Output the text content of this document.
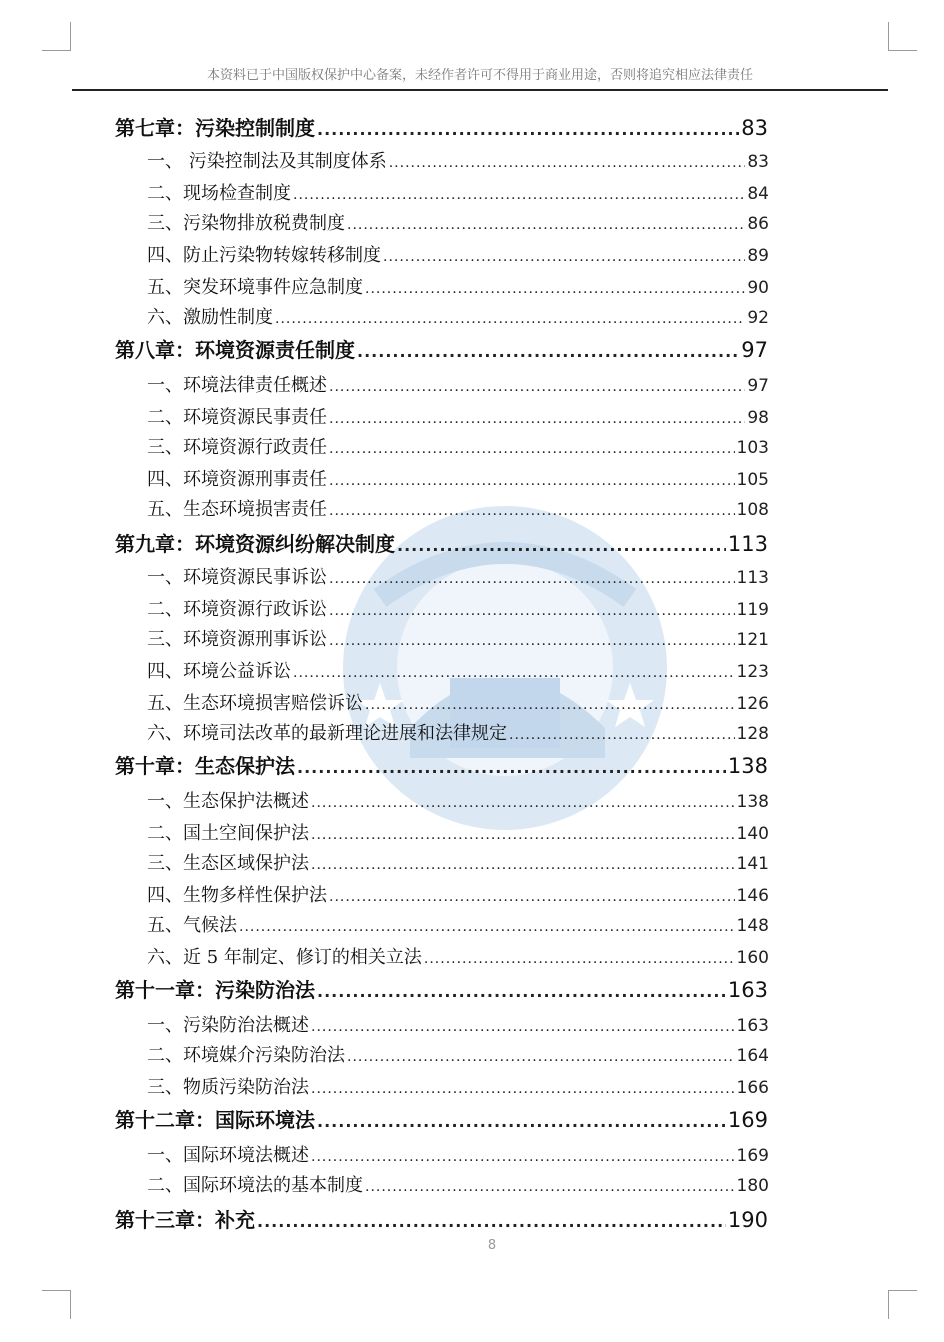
本资料已于中国版权保护中心备案，未经作者许可不得用于商业用途，否则将追究相应法律责任
第七章：污染控制制度 .....	83
一、 污染控制法及其制度体系 .....	83
二、现场检查制度 .....	84
三、污染物排放税费制度 .....	86
四、防止污染物转嫁转移制度 .....	89
五、突发环境事件应急制度 .....	90
六、激励性制度 .....	92
第八章：环境资源责任制度 .....	97
一、环境法律责任概述 .....	97
二、环境资源民事责任 .....	98
三、环境资源行政责任 .....	103
四、环境资源刑事责任 .....	105
五、生态环境损害责任 .....	108
第九章：环境资源纠纷解决制度 .....	113
一、环境资源民事诉讼 .....	113
二、环境资源行政诉讼 .....	119
三、环境资源刑事诉讼 .....	121
四、环境公益诉讼 .....	123
五、生态环境损害赔偿诉讼 .....	126
六、环境司法改革的最新理论进展和法律规定 .....	128
第十章：生态保护法 .....	138
一、生态保护法概述 .....	138
二、国土空间保护法 .....	140
三、生态区域保护法 .....	141
四、生物多样性保护法 .....	146
五、气候法 .....	148
六、近 5 年制定、修订的相关立法 .....	160
第十一章：污染防治法 .....	163
一、污染防治法概述 .....	163
二、环境媒介污染防治法 .....	164
三、物质污染防治法 .....	166
第十二章：国际环境法 .....	169
一、国际环境法概述 .....	169
二、国际环境法的基本制度 .....	180
第十三章：补充 .....	190
8
